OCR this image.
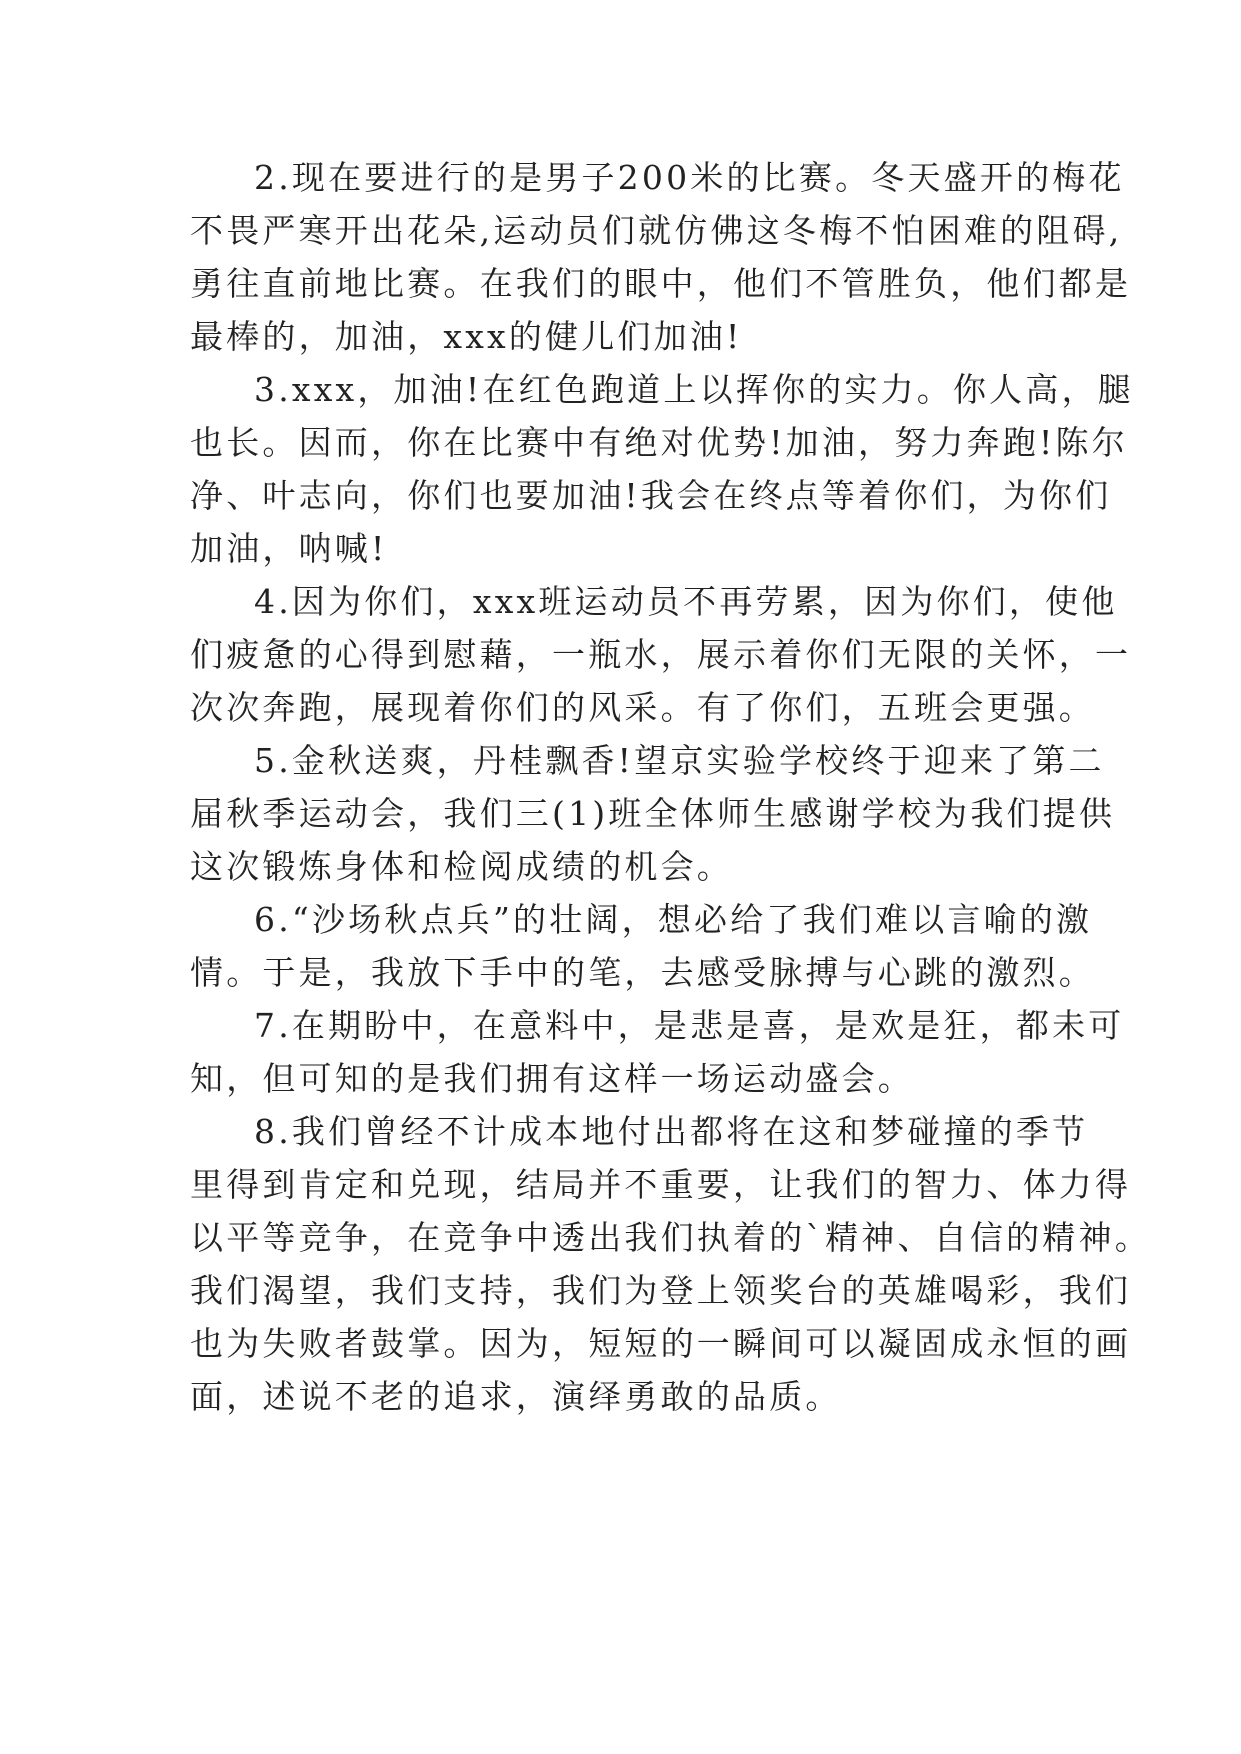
2.现在要进行的是男子200米的比赛。冬天盛开的梅花
不畏严寒开出花朵,运动员们就仿佛这冬梅不怕困难的阻碍,
勇往直前地比赛。在我们的眼中，他们不管胜负，他们都是
最棒的，加油，xxx的健儿们加油!
3.xxx，加油!在红色跑道上以挥你的实力。你人高，腿
也长。因而，你在比赛中有绝对优势!加油，努力奔跑!陈尔
净、叶志向，你们也要加油!我会在终点等着你们，为你们
加油，呐喊!
4.因为你们，xxx班运动员不再劳累，因为你们，使他
们疲惫的心得到慰藉，一瓶水，展示着你们无限的关怀，一
次次奔跑，展现着你们的风采。有了你们，五班会更强。
5.金秋送爽，丹桂飘香!望京实验学校终于迎来了第二
届秋季运动会，我们三(1)班全体师生感谢学校为我们提供
这次锻炼身体和检阅成绩的机会。
6.“沙场秋点兵”的壮阔，想必给了我们难以言喻的激
情。于是，我放下手中的笔，去感受脉搏与心跳的激烈。
7.在期盼中，在意料中，是悲是喜，是欢是狂，都未可
知，但可知的是我们拥有这样一场运动盛会。
8.我们曾经不计成本地付出都将在这和梦碰撞的季节
里得到肯定和兑现，结局并不重要，让我们的智力、体力得
以平等竞争，在竞争中透出我们执着的`精神、自信的精神。
我们渴望，我们支持，我们为登上领奖台的英雄喝彩，我们
也为失败者鼓掌。因为，短短的一瞬间可以凝固成永恒的画
面，述说不老的追求，演绎勇敢的品质。
